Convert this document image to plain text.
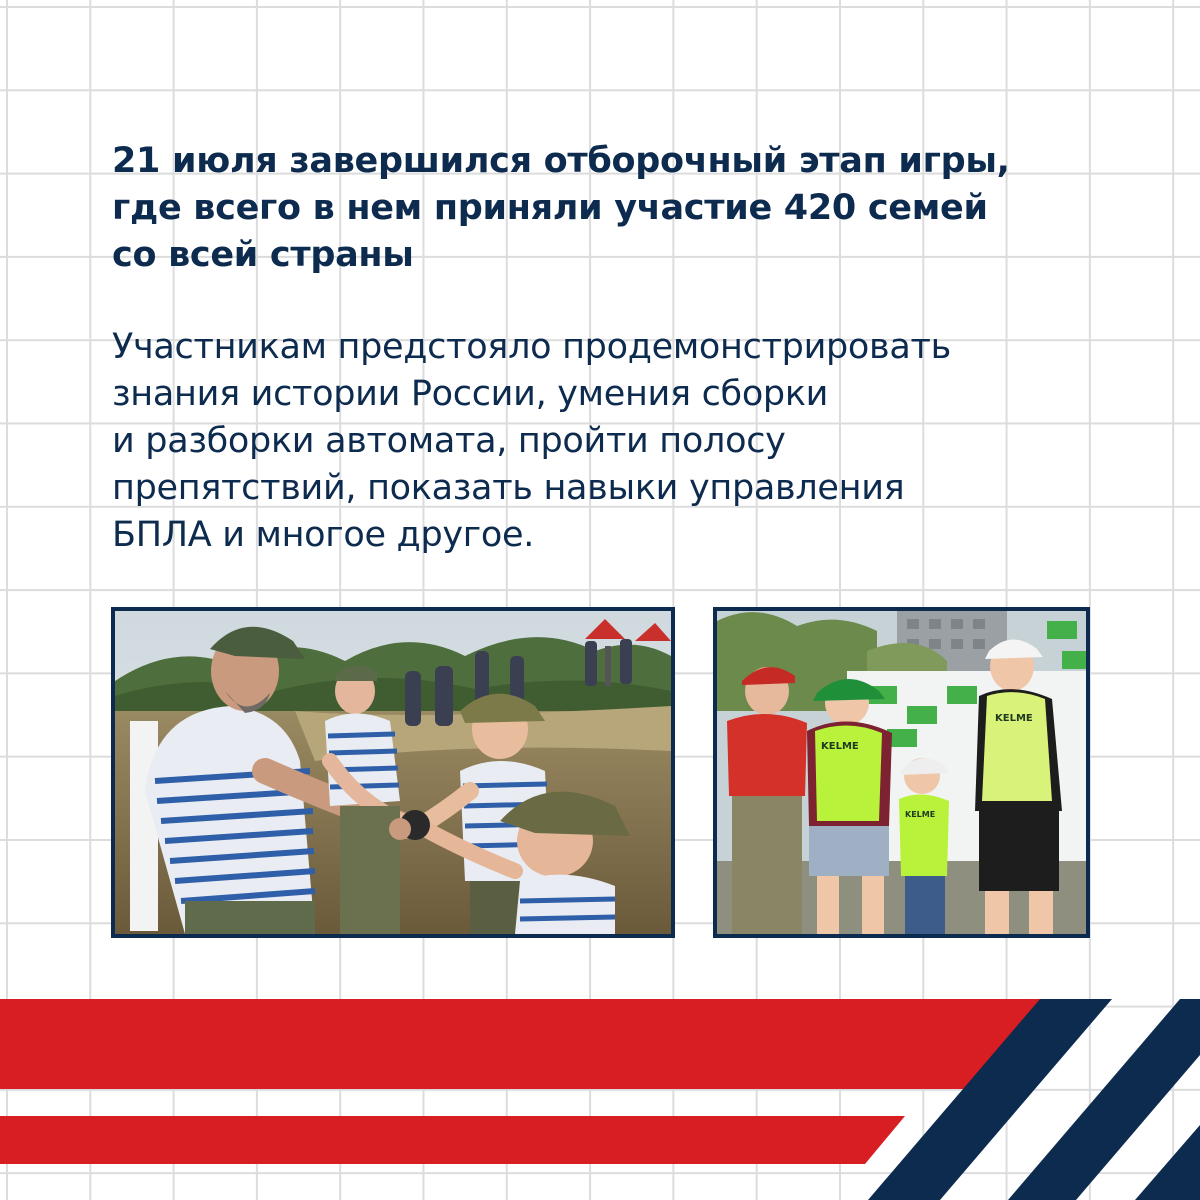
21 июля завершился отборочный этап игры,
где всего в нем приняли участие 420 семей
со всей страны

Участникам предстояло продемонстрировать
знания истории России, умения сборки
и разборки автомата, пройти полосу
препятствий, показать навыки управления
БПЛА и многое другое.

KELME
KELME
KELME
